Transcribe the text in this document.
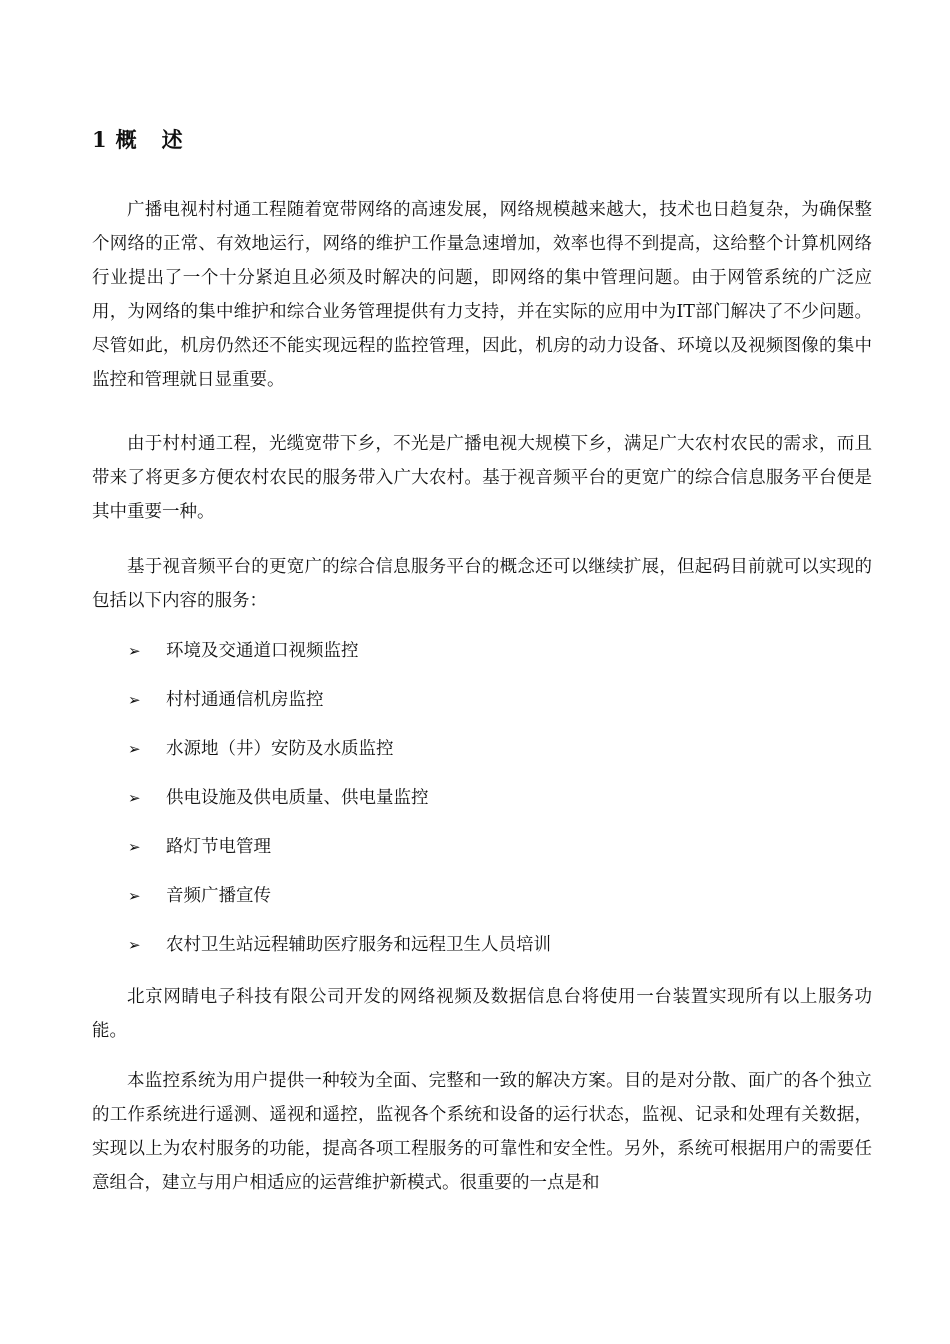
1 概 述

广播电视村村通工程随着宽带网络的高速发展，网络规模越来越大，技术也日趋复杂，为确保整个网络的正常、有效地运行，网络的维护工作量急速增加，效率也得不到提高，这给整个计算机网络行业提出了一个十分紧迫且必须及时解决的问题，即网络的集中管理问题。由于网管系统的广泛应用，为网络的集中维护和综合业务管理提供有力支持，并在实际的应用中为IT部门解决了不少问题。尽管如此，机房仍然还不能实现远程的监控管理，因此，机房的动力设备、环境以及视频图像的集中监控和管理就日显重要。

由于村村通工程，光缆宽带下乡，不光是广播电视大规模下乡，满足广大农村农民的需求，而且带来了将更多方便农村农民的服务带入广大农村。基于视音频平台的更宽广的综合信息服务平台便是其中重要一种。

基于视音频平台的更宽广的综合信息服务平台的概念还可以继续扩展，但起码目前就可以实现的包括以下内容的服务：

➢	环境及交通道口视频监控
➢	村村通通信机房监控
➢	水源地（井）安防及水质监控
➢	供电设施及供电质量、供电量监控
➢	路灯节电管理
➢	音频广播宣传
➢	农村卫生站远程辅助医疗服务和远程卫生人员培训

北京网睛电子科技有限公司开发的网络视频及数据信息台将使用一台装置实现所有以上服务功能。

本监控系统为用户提供一种较为全面、完整和一致的解决方案。目的是对分散、面广的各个独立的工作系统进行遥测、遥视和遥控，监视各个系统和设备的运行状态，监视、记录和处理有关数据，实现以上为农村服务的功能，提高各项工程服务的可靠性和安全性。另外，系统可根据用户的需要任意组合，建立与用户相适应的运营维护新模式。很重要的一点是和
